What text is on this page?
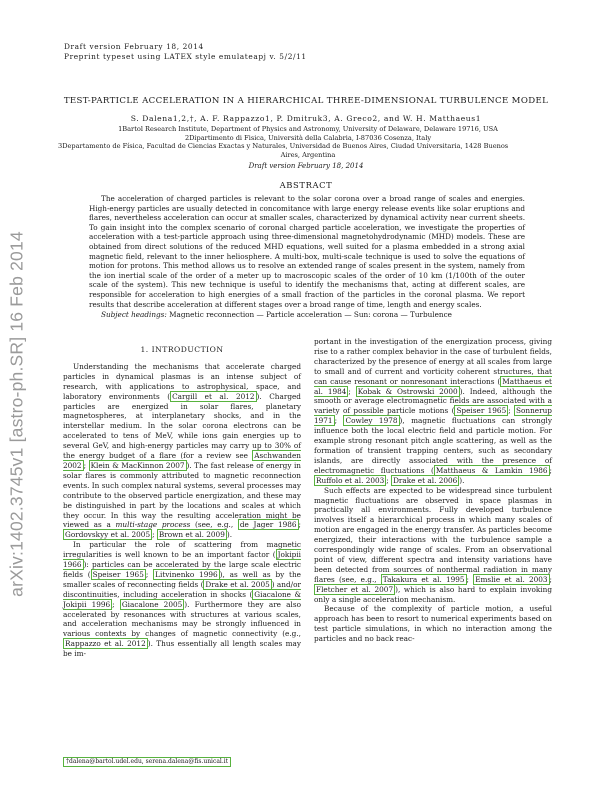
Draft version February 18, 2014
Preprint typeset using LATEX style emulateapj v. 5/2/11
arXiv:1402.3745v1 [astro-ph.SR] 16 Feb 2014
TEST-PARTICLE ACCELERATION IN A HIERARCHICAL THREE-DIMENSIONAL TURBULENCE MODEL
S. Dalena1,2,†, A. F. Rappazzo1, P. Dmitruk3, A. Greco2, and W. H. Matthaeus1
1Bartol Research Institute, Department of Physics and Astronomy, University of Delaware, Delaware 19716, USA
2Dipartimento di Fisica, Università della Calabria, I-87036 Cosenza, Italy
3Departamento de Física, Facultad de Ciencias Exactas y Naturales, Universidad de Buenos Aires, Ciudad Universitaria, 1428 Buenos
Aires, Argentina
Draft version February 18, 2014
ABSTRACT

The acceleration of charged particles is relevant to the solar corona over a broad range of scales and energies. High-energy particles are usually detected in concomitance with large energy release events like solar eruptions and flares, nevertheless acceleration can occur at smaller scales, characterized by dynamical activity near current sheets. To gain insight into the complex scenario of coronal charged particle acceleration, we investigate the properties of acceleration with a test-particle approach using three-dimensional magnetohydrodynamic (MHD) models. These are obtained from direct solutions of the reduced MHD equations, well suited for a plasma embedded in a strong axial magnetic field, relevant to the inner heliosphere. A multi-box, multi-scale technique is used to solve the equations of motion for protons. This method allows us to resolve an extended range of scales present in the system, namely from the ion inertial scale of the order of a meter up to macroscopic scales of the order of 10 km (1/100th of the outer scale of the system). This new technique is useful to identify the mechanisms that, acting at different scales, are responsible for acceleration to high energies of a small fraction of the particles in the coronal plasma. We report results that describe acceleration at different stages over a broad range of time, length and energy scales.

Subject headings: Magnetic reconnection — Particle acceleration — Sun: corona — Turbulence

1. INTRODUCTION

Understanding the mechanisms that accelerate charged particles in dynamical plasmas is an intense subject of research, with applications to astrophysical, space, and laboratory environments ( Cargill et al. 2012 ). Charged particles are energized in solar flares, planetary magnetospheres, at interplanetary shocks, and in the interstellar medium. In the solar corona electrons can be accelerated to tens of MeV, while ions gain energies up to several GeV, and high-energy particles may carry up to 30% of the energy budget of a flare (for a review see Aschwanden 2002 ; Klein & MacKinnon 2007 ). The fast release of energy in solar flares is commonly attributed to magnetic reconnection events. In such complex natural systems, several processes may contribute to the observed particle energization, and these may be distinguished in part by the locations and scales at which they occur. In this way the resulting acceleration might be viewed as a multi-stage process (see, e.g., de Jager 1986 ; Gordovskyy et al. 2005 ; Brown et al. 2009 ).

In particular the role of scattering from magnetic irregularities is well known to be an important factor ( Jokipii 1966 ): particles can be accelerated by the large scale electric fields ( Speiser 1965 ; Litvinenko 1996 ), as well as by the smaller scales of reconnecting fields ( Drake et al. 2005 ) and/or discontinuities, including acceleration in shocks ( Giacalone & Jokipii 1996 ; Giacalone 2005 ). Furthermore they are also accelerated by resonances with structures at various scales, and acceleration mechanisms may be strongly influenced in various contexts by changes of magnetic connectivity (e.g., Rappazzo et al. 2012 ). Thus essentially all length scales may be im-

portant in the investigation of the energization process, giving rise to a rather complex behavior in the case of turbulent fields, characterized by the presence of energy at all scales from large to small and of current and vorticity coherent structures, that can cause resonant or nonresonant interactions ( Matthaeus et al. 1984 ; Kobak & Ostrowski 2000 ). Indeed, although the smooth or average electromagnetic fields are associated with a variety of possible particle motions ( Speiser 1965 ; Sonnerup 1971 ; Cowley 1978 ), magnetic fluctuations can strongly influence both the local electric field and particle motion. For example strong resonant pitch angle scattering, as well as the formation of transient trapping centers, such as secondary islands, are directly associated with the presence of electromagnetic fluctuations ( Matthaeus & Lamkin 1986 ; Ruffolo et al. 2003 ; Drake et al. 2006 ).

Such effects are expected to be widespread since turbulent magnetic fluctuations are observed in space plasmas in practically all environments. Fully developed turbulence involves itself a hierarchical process in which many scales of motion are engaged in the energy transfer. As particles become energized, their interactions with the turbulence sample a correspondingly wide range of scales. From an observational point of view, different spectra and intensity variations have been detected from sources of nonthermal radiation in many flares (see, e.g., Takakura et al. 1995 ; Emslie et al. 2003 ; Fletcher et al. 2007 ), which is also hard to explain invoking only a single acceleration mechanism.

Because of the complexity of particle motion, a useful approach has been to resort to numerical experiments based on test particle simulations, in which no interaction among the particles and no back reac-

†dalena@bartol.udel.edu, serena.dalena@fis.unical.it
